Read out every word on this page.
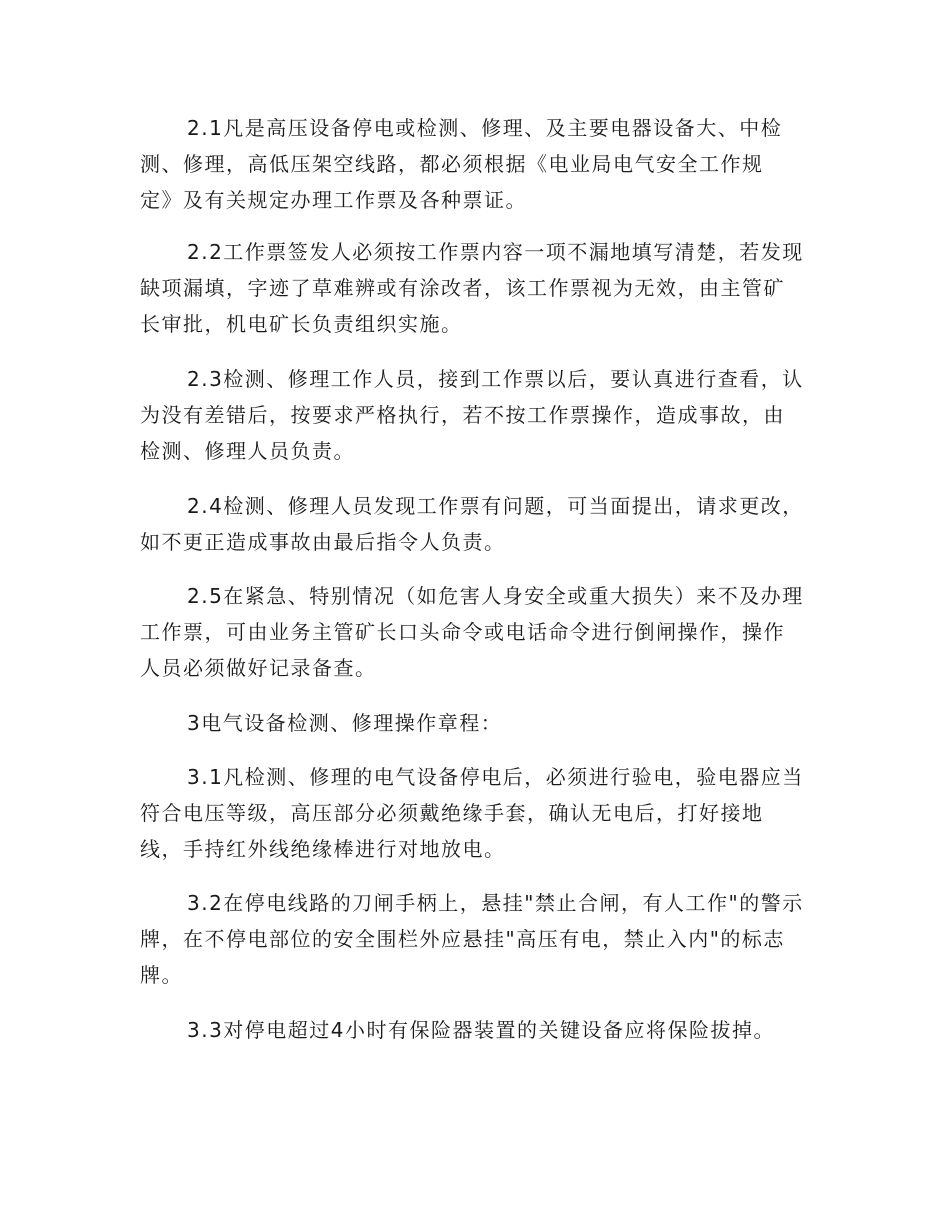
2.1凡是高压设备停电或检测、修理、及主要电器设备大、中检
测、修理，高低压架空线路，都必须根据《电业局电气安全工作规
定》及有关规定办理工作票及各种票证。
2.2工作票签发人必须按工作票内容一项不漏地填写清楚，若发现
缺项漏填，字迹了草难辨或有涂改者，该工作票视为无效，由主管矿
长审批，机电矿长负责组织实施。
2.3检测、修理工作人员，接到工作票以后，要认真进行查看，认
为没有差错后，按要求严格执行，若不按工作票操作，造成事故，由
检测、修理人员负责。
2.4检测、修理人员发现工作票有问题，可当面提出，请求更改，
如不更正造成事故由最后指令人负责。
2.5在紧急、特别情况（如危害人身安全或重大损失）来不及办理
工作票，可由业务主管矿长口头命令或电话命令进行倒闸操作，操作
人员必须做好记录备查。
3电气设备检测、修理操作章程：
3.1凡检测、修理的电气设备停电后，必须进行验电，验电器应当
符合电压等级，高压部分必须戴绝缘手套，确认无电后，打好接地
线，手持红外线绝缘棒进行对地放电。
3.2在停电线路的刀闸手柄上，悬挂"禁止合闸，有人工作"的警示
牌，在不停电部位的安全围栏外应悬挂"高压有电，禁止入内"的标志
牌。
3.3对停电超过4小时有保险器装置的关键设备应将保险拔掉。
